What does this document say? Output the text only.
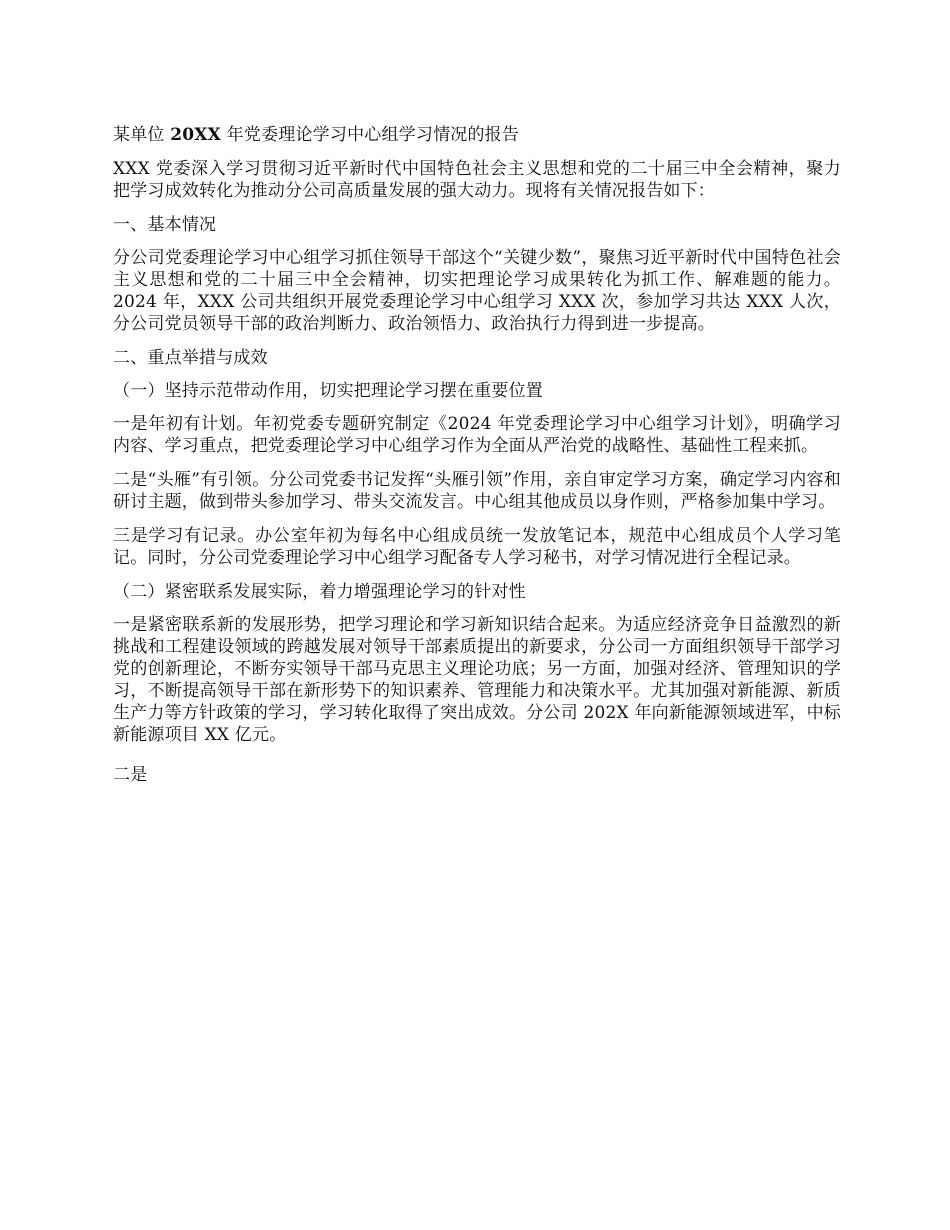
某单位 20XX 年党委理论学习中心组学习情况的报告

XXX 党委深入学习贯彻习近平新时代中国特色社会主义思想和党的二十届三中全会精神，聚力把学习成效转化为推动分公司高质量发展的强大动力。现将有关情况报告如下：

一、基本情况

分公司党委理论学习中心组学习抓住领导干部这个“关键少数”，聚焦习近平新时代中国特色社会主义思想和党的二十届三中全会精神，切实把理论学习成果转化为抓工作、解难题的能力。2024 年，XXX 公司共组织开展党委理论学习中心组学习 XXX 次，参加学习共达 XXX 人次，分公司党员领导干部的政治判断力、政治领悟力、政治执行力得到进一步提高。

二、重点举措与成效

（一）坚持示范带动作用，切实把理论学习摆在重要位置

一是年初有计划。年初党委专题研究制定《2024 年党委理论学习中心组学习计划》，明确学习内容、学习重点，把党委理论学习中心组学习作为全面从严治党的战略性、基础性工程来抓。

二是“头雁”有引领。分公司党委书记发挥“头雁引领”作用，亲自审定学习方案，确定学习内容和研讨主题，做到带头参加学习、带头交流发言。中心组其他成员以身作则，严格参加集中学习。

三是学习有记录。办公室年初为每名中心组成员统一发放笔记本，规范中心组成员个人学习笔记。同时，分公司党委理论学习中心组学习配备专人学习秘书，对学习情况进行全程记录。

（二）紧密联系发展实际，着力增强理论学习的针对性

一是紧密联系新的发展形势，把学习理论和学习新知识结合起来。为适应经济竞争日益激烈的新挑战和工程建设领域的跨越发展对领导干部素质提出的新要求，分公司一方面组织领导干部学习党的创新理论，不断夯实领导干部马克思主义理论功底；另一方面，加强对经济、管理知识的学习，不断提高领导干部在新形势下的知识素养、管理能力和决策水平。尤其加强对新能源、新质生产力等方针政策的学习，学习转化取得了突出成效。分公司 202X 年向新能源领域进军，中标新能源项目 XX 亿元。

二是
